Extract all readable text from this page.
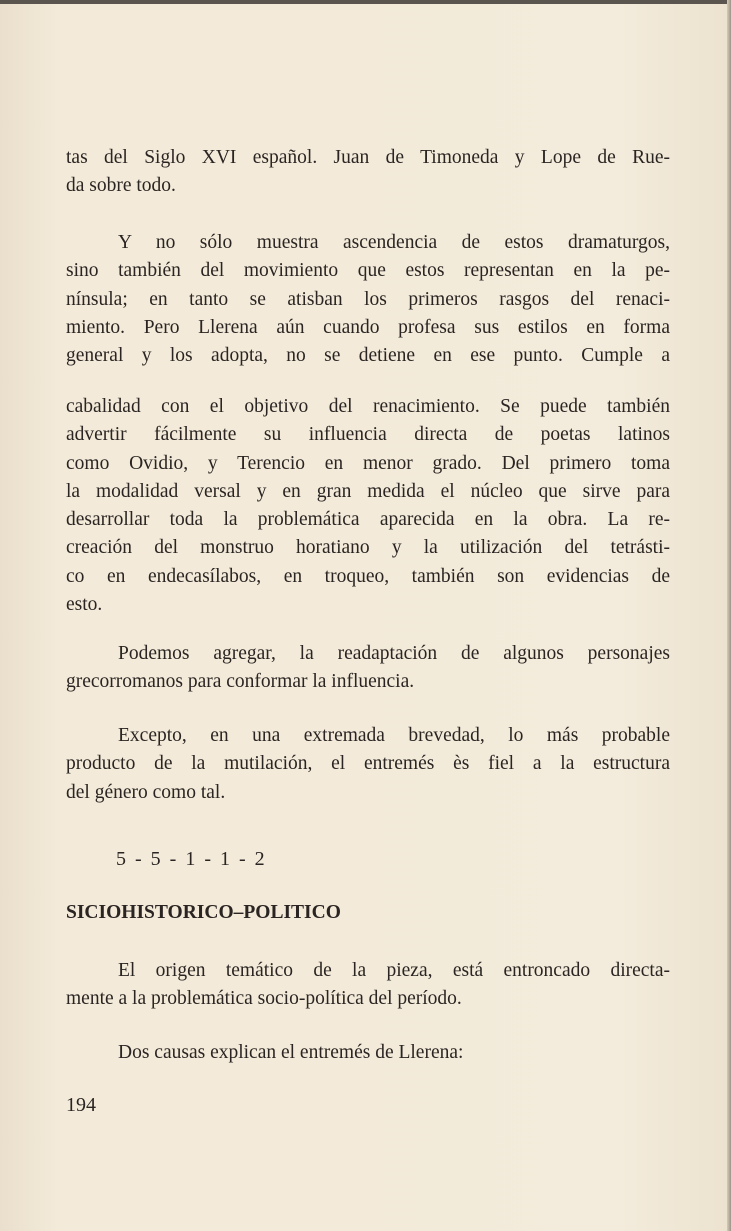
tas del Siglo XVI español. Juan de Timoneda y Lope de Rue-
da sobre todo.

Y no sólo muestra ascendencia de estos dramaturgos,
sino también del movimiento que estos representan en la pe-
nínsula; en tanto se atisban los primeros rasgos del renaci-
miento. Pero Llerena aún cuando profesa sus estilos en forma
general y los adopta, no se detiene en ese punto. Cumple a

cabalidad con el objetivo del renacimiento. Se puede también
advertir fácilmente su influencia directa de poetas latinos
como Ovidio, y Terencio en menor grado. Del primero toma
la modalidad versal y en gran medida el núcleo que sirve para
desarrollar toda la problemática aparecida en la obra. La re-
creación del monstruo horatiano y la utilización del tetrásti-
co en endecasílabos, en troqueo, también son evidencias de
esto.

Podemos agregar, la readaptación de algunos personajes
grecorromanos para conformar la influencia.

Excepto, en una extremada brevedad, lo más probable
producto de la mutilación, el entremés ès fiel a la estructura
del género como tal.

5 - 5 - 1 - 1 - 2

SICIOHISTORICO–POLITICO

El origen temático de la pieza, está entroncado directa-
mente a la problemática socio-política del período.

Dos causas explican el entremés de Llerena:

194
